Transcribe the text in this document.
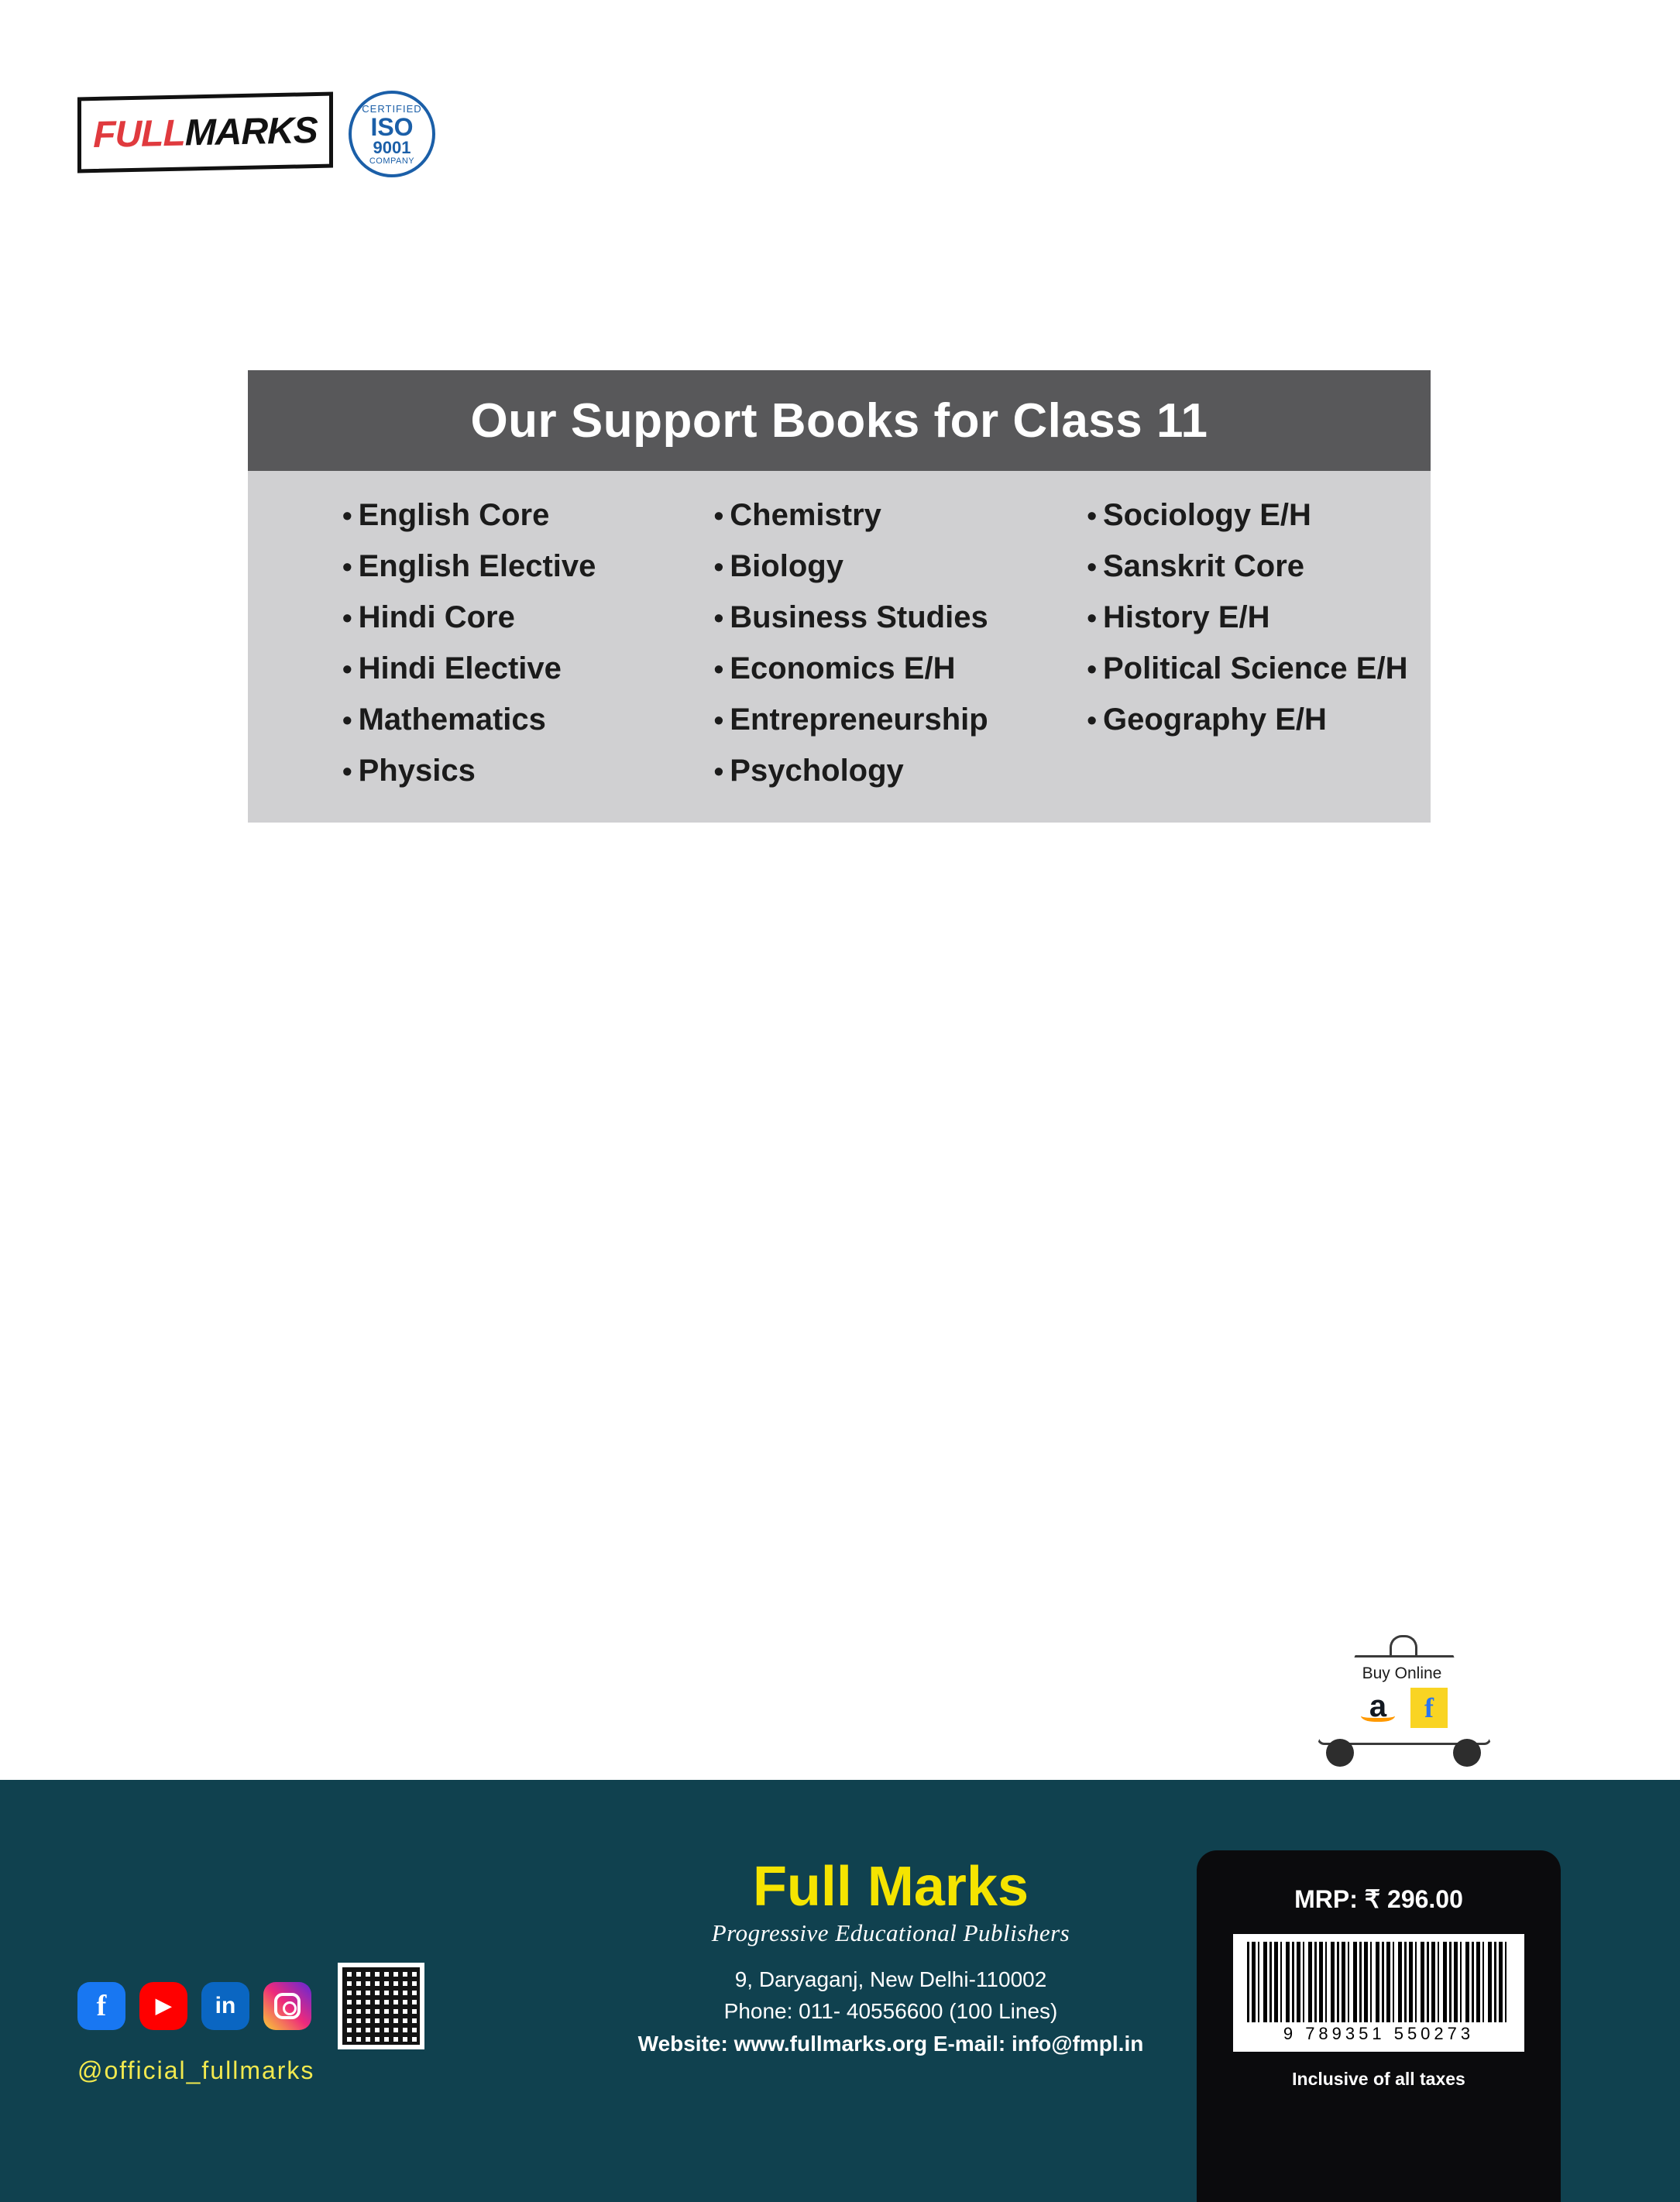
Our Support Books for Class 11
• English Core
• English Elective
• Hindi Core
• Hindi Elective
• Mathematics
• Physics
• Chemistry
• Biology
• Business Studies
• Economics E/H
• Entrepreneurship
• Psychology
• Sociology E/H
• Sanskrit Core
• History E/H
• Political Science E/H
• Geography E/H
Buy Online
a f
FULL MARKS
CERTIFIED
ISO
9001
COMPANY
f	▶	in
@official_fullmarks
Full Marks
Progressive Educational Publishers
9, Daryaganj, New Delhi-110002
Phone: 011- 40556600 (100 Lines)
Website: www.fullmarks.org E-mail: info@fmpl.in
MRP: ₹ 296.00
9 789351 550273
Inclusive of all taxes
